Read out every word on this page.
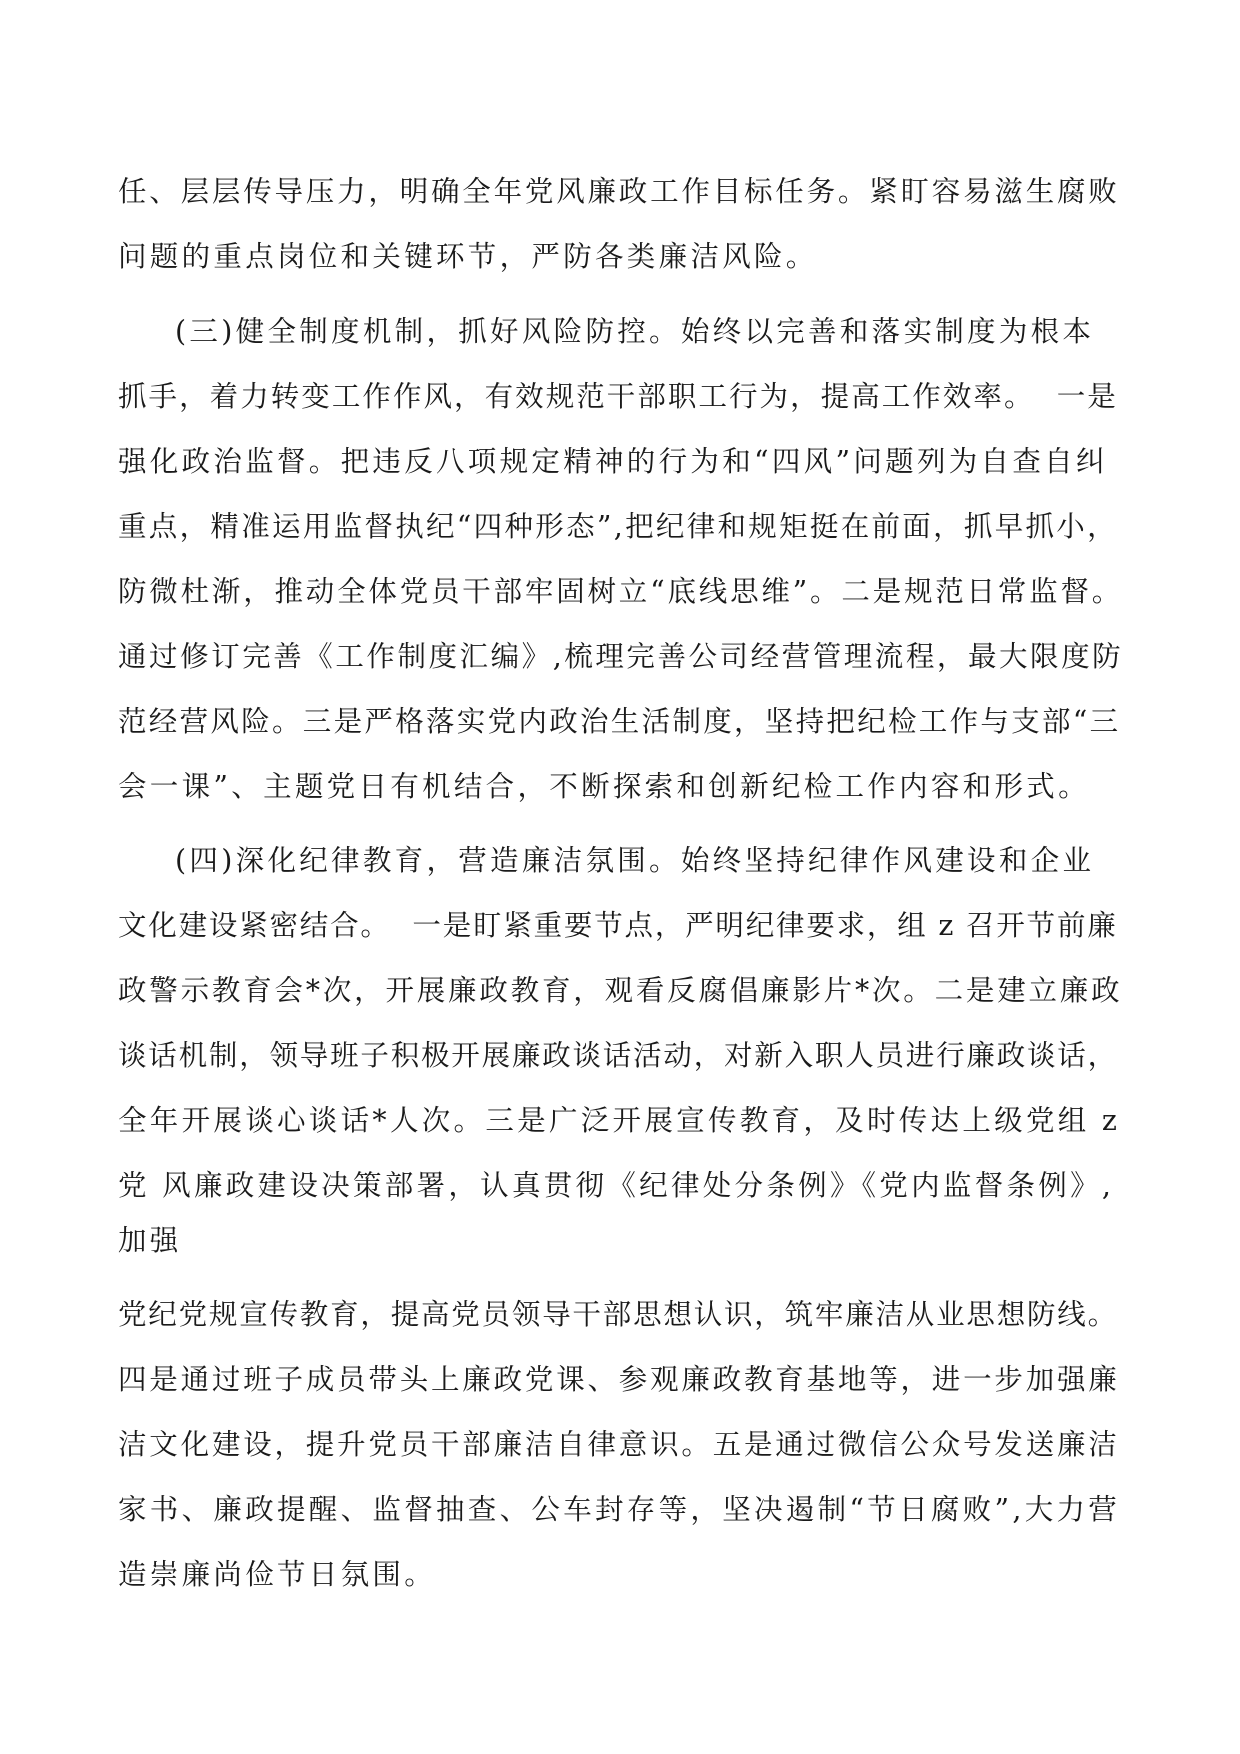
任、层层传导压力，明确全年党风廉政工作目标任务。紧盯容易滋生腐败
问题的重点岗位和关键环节，严防各类廉洁风险。
(三)健全制度机制，抓好风险防控。始终以完善和落实制度为根本
抓手，着力转变工作作风，有效规范干部职工行为，提高工作效率。  一是
强化政治监督。把违反八项规定精神的行为和“四风”问题列为自查自纠
重点，精准运用监督执纪“四种形态”,把纪律和规矩挺在前面，抓早抓小，
防微杜渐，推动全体党员干部牢固树立“底线思维”。二是规范日常监督。
通过修订完善《工作制度汇编》,梳理完善公司经营管理流程，最大限度防
范经营风险。三是严格落实党内政治生活制度，坚持把纪检工作与支部“三
会一课”、主题党日有机结合，不断探索和创新纪检工作内容和形式。
(四)深化纪律教育，营造廉洁氛围。始终坚持纪律作风建设和企业
文化建设紧密结合。  一是盯紧重要节点，严明纪律要求，组 z 召开节前廉
政警示教育会*次，开展廉政教育，观看反腐倡廉影片*次。二是建立廉政
谈话机制，领导班子积极开展廉政谈话活动，对新入职人员进行廉政谈话，
全年开展谈心谈话*人次。三是广泛开展宣传教育，及时传达上级党组 z
党 风廉政建设决策部署，认真贯彻《纪律处分条例》《党内监督条例》,
加强
党纪党规宣传教育，提高党员领导干部思想认识，筑牢廉洁从业思想防线。
四是通过班子成员带头上廉政党课、参观廉政教育基地等，进一步加强廉
洁文化建设，提升党员干部廉洁自律意识。五是通过微信公众号发送廉洁
家书、廉政提醒、监督抽查、公车封存等，坚决遏制“节日腐败”,大力营
造崇廉尚俭节日氛围。
